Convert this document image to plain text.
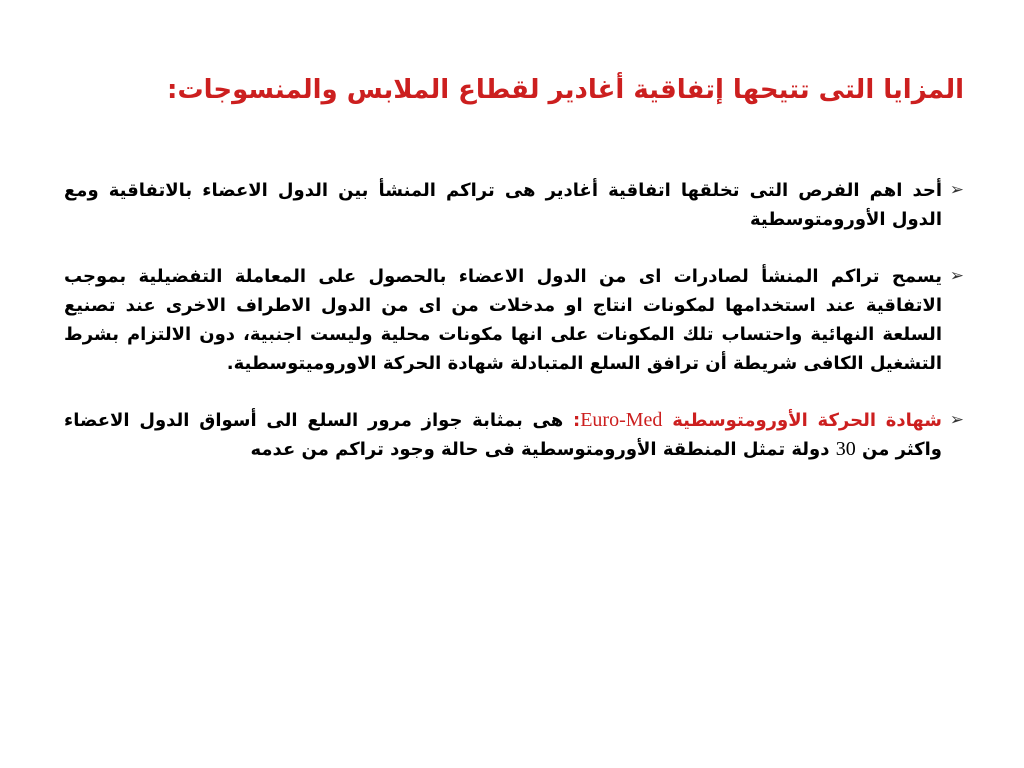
المزايا التى تتيحها إتفاقية أغادير لقطاع الملابس والمنسوجات:
➢
أحد اهم الفرص التى تخلقها اتفاقية أغادير هى تراكم المنشأ بين الدول الاعضاء بالاتفاقية ومع الدول الأورومتوسطية
➢
يسمح تراكم المنشأ لصادرات اى من الدول الاعضاء بالحصول على المعاملة التفضيلية بموجب الاتفاقية عند استخدامها لمكونات انتاج او مدخلات من اى من الدول الاطراف الاخرى عند تصنيع السلعة النهائية واحتساب تلك المكونات على انها مكونات محلية وليست اجنبية، دون الالتزام بشرط التشغيل الكافى شريطة أن ترافق السلع المتبادلة شهادة الحركة الاوروميتوسطية.
➢
شهادة الحركة الأورومتوسطية Euro-Med: هى بمثابة جواز مرور السلع الى أسواق الدول الاعضاء واكثر من 30 دولة تمثل المنطقة الأورومتوسطية فى حالة وجود تراكم من عدمه
